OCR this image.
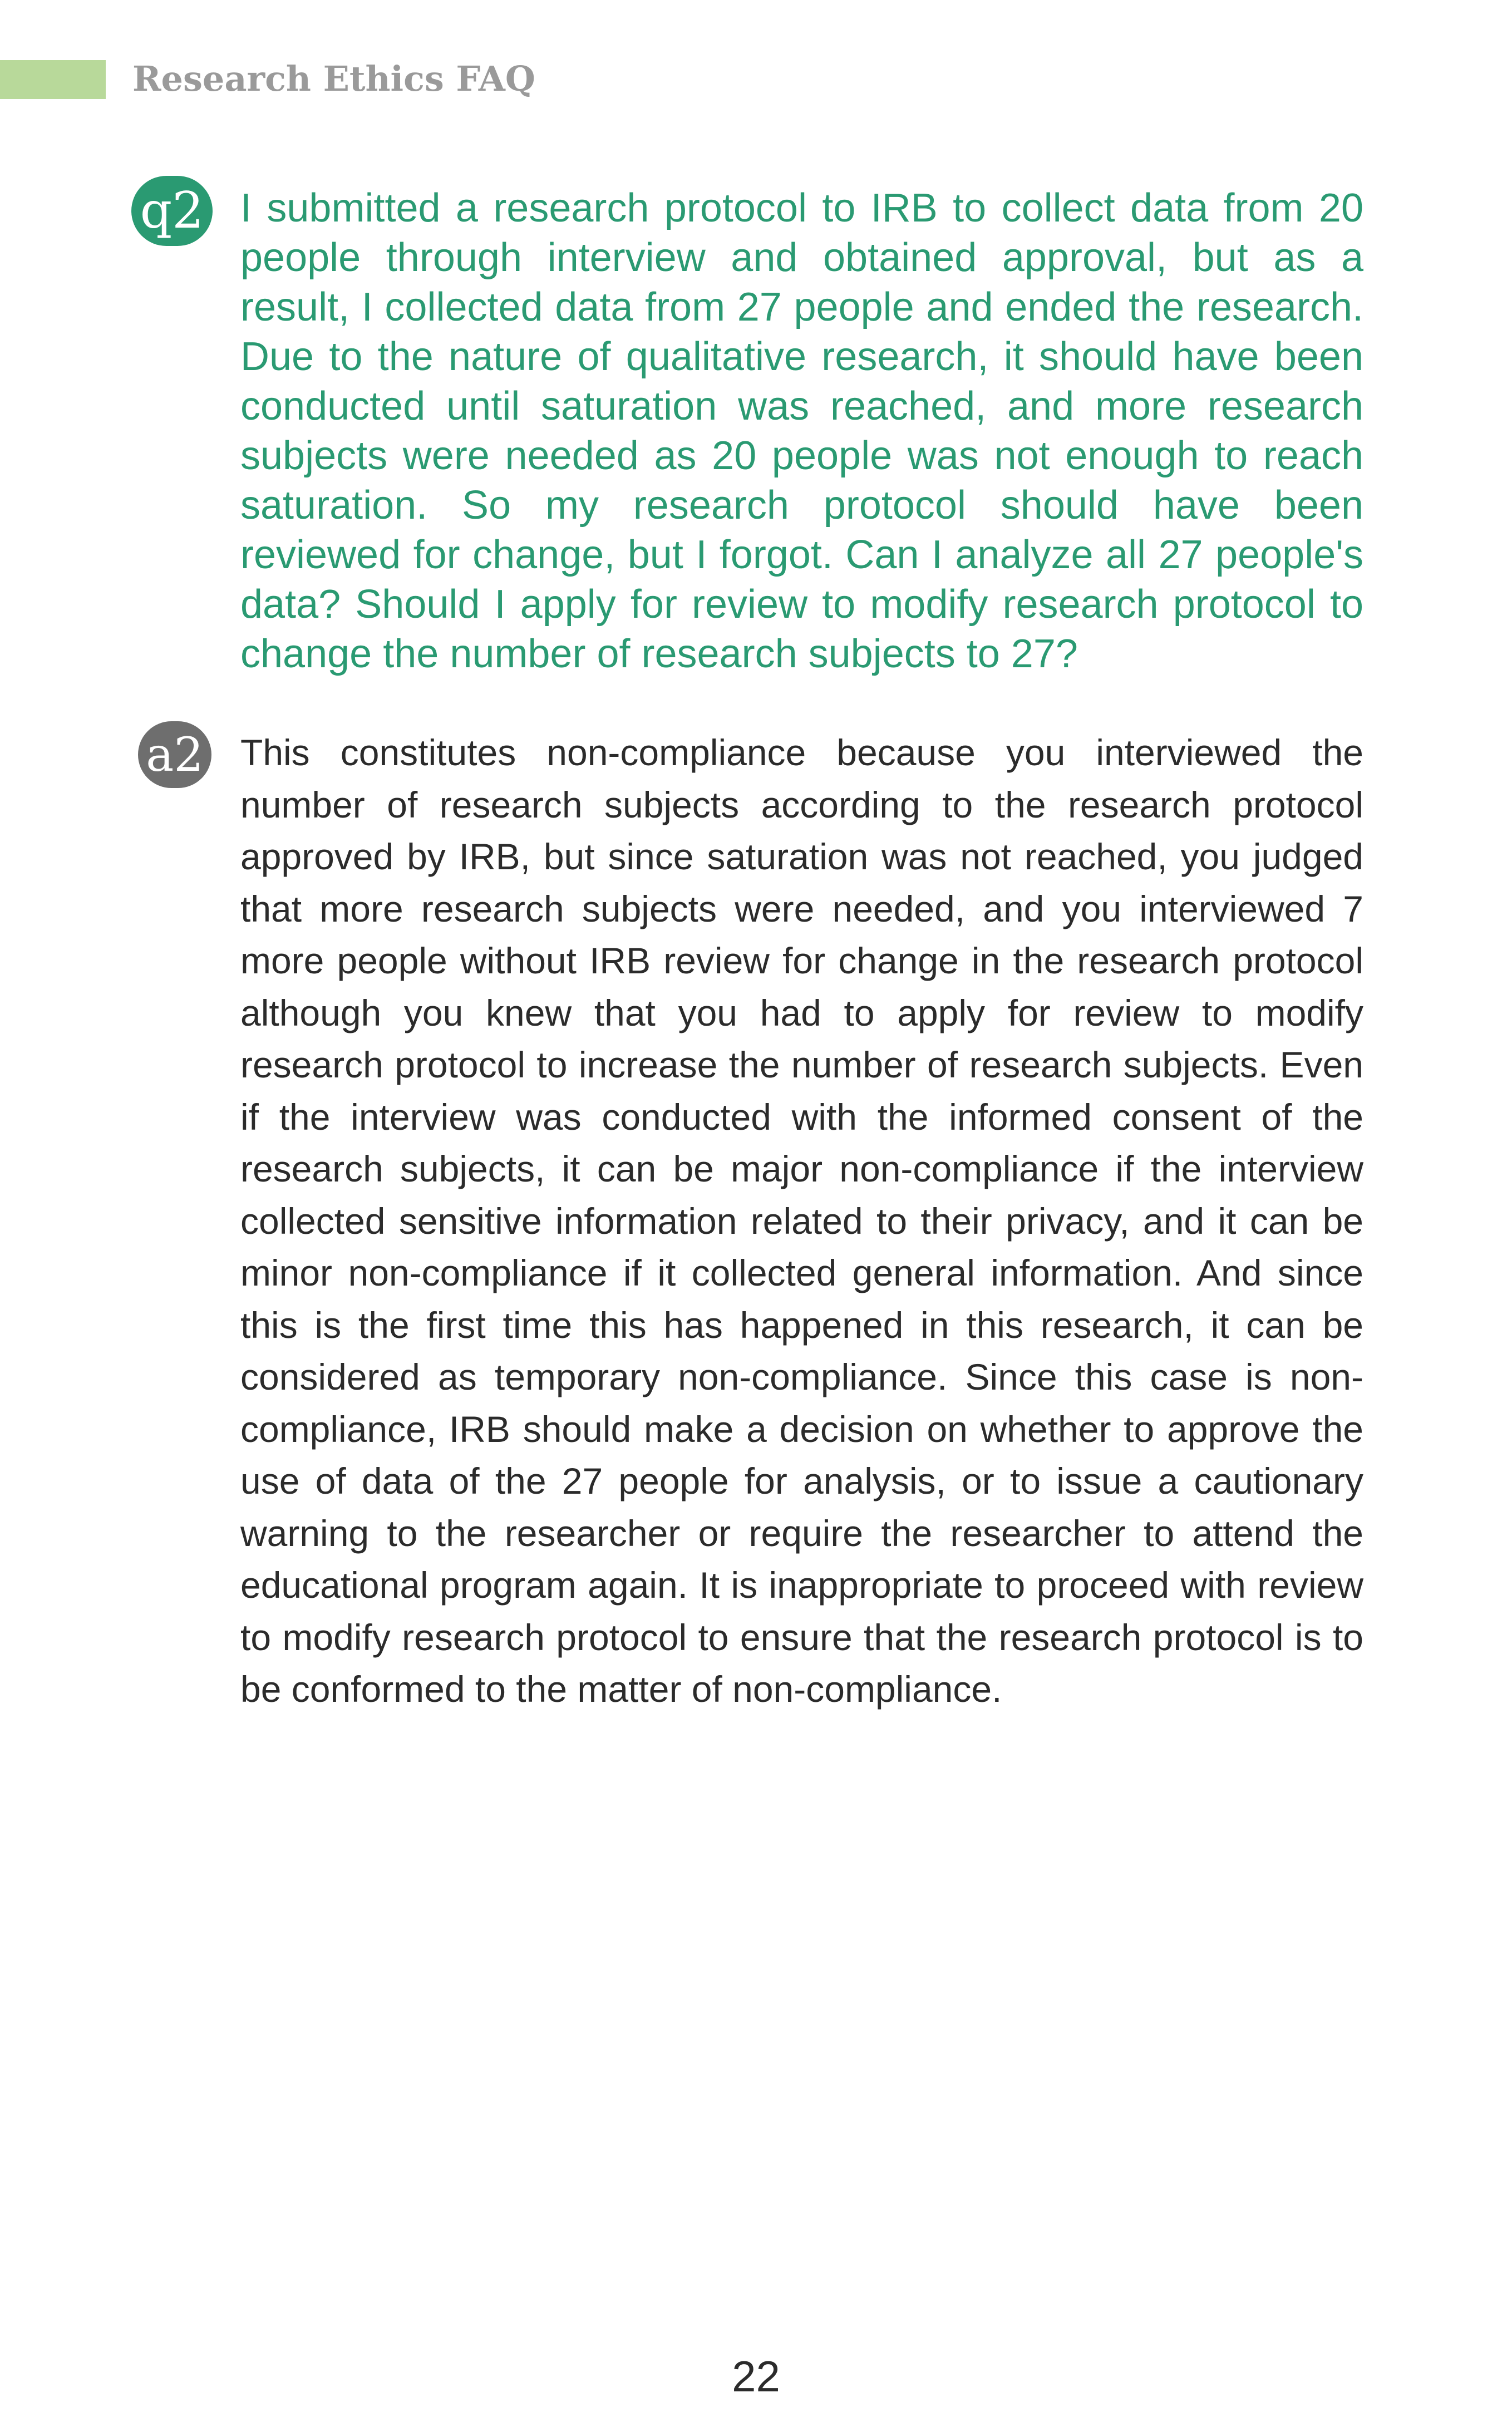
Research Ethics FAQ
q2 I submitted a research protocol to IRB to collect data from 20 people through interview and obtained approval, but as a result, I collected data from 27 people and ended the research. Due to the nature of qualitative research, it should have been conducted until saturation was reached, and more research subjects were needed as 20 people was not enough to reach saturation. So my research protocol should have been reviewed for change, but I forgot. Can I analyze all 27 people's data? Should I apply for review to modify research protocol to change the number of research subjects to 27?

a2 This constitutes non-compliance because you interviewed the number of research subjects according to the research protocol approved by IRB, but since saturation was not reached, you judged that more research subjects were needed, and you interviewed 7 more people without IRB review for change in the research protocol although you knew that you had to apply for review to modify research protocol to increase the number of research subjects. Even if the interview was conducted with the informed consent of the research subjects, it can be major non-compliance if the interview collected sensitive information related to their privacy, and it can be minor non-compliance if it collected general information. And since this is the first time this has happened in this research, it can be considered as temporary non-compliance. Since this case is non-compliance, IRB should make a decision on whether to approve the use of data of the 27 people for analysis, or to issue a cautionary warning to the researcher or require the researcher to attend the educational program again. It is inappropriate to proceed with review to modify research protocol to ensure that the research protocol is to be conformed to the matter of non-compliance.

22
